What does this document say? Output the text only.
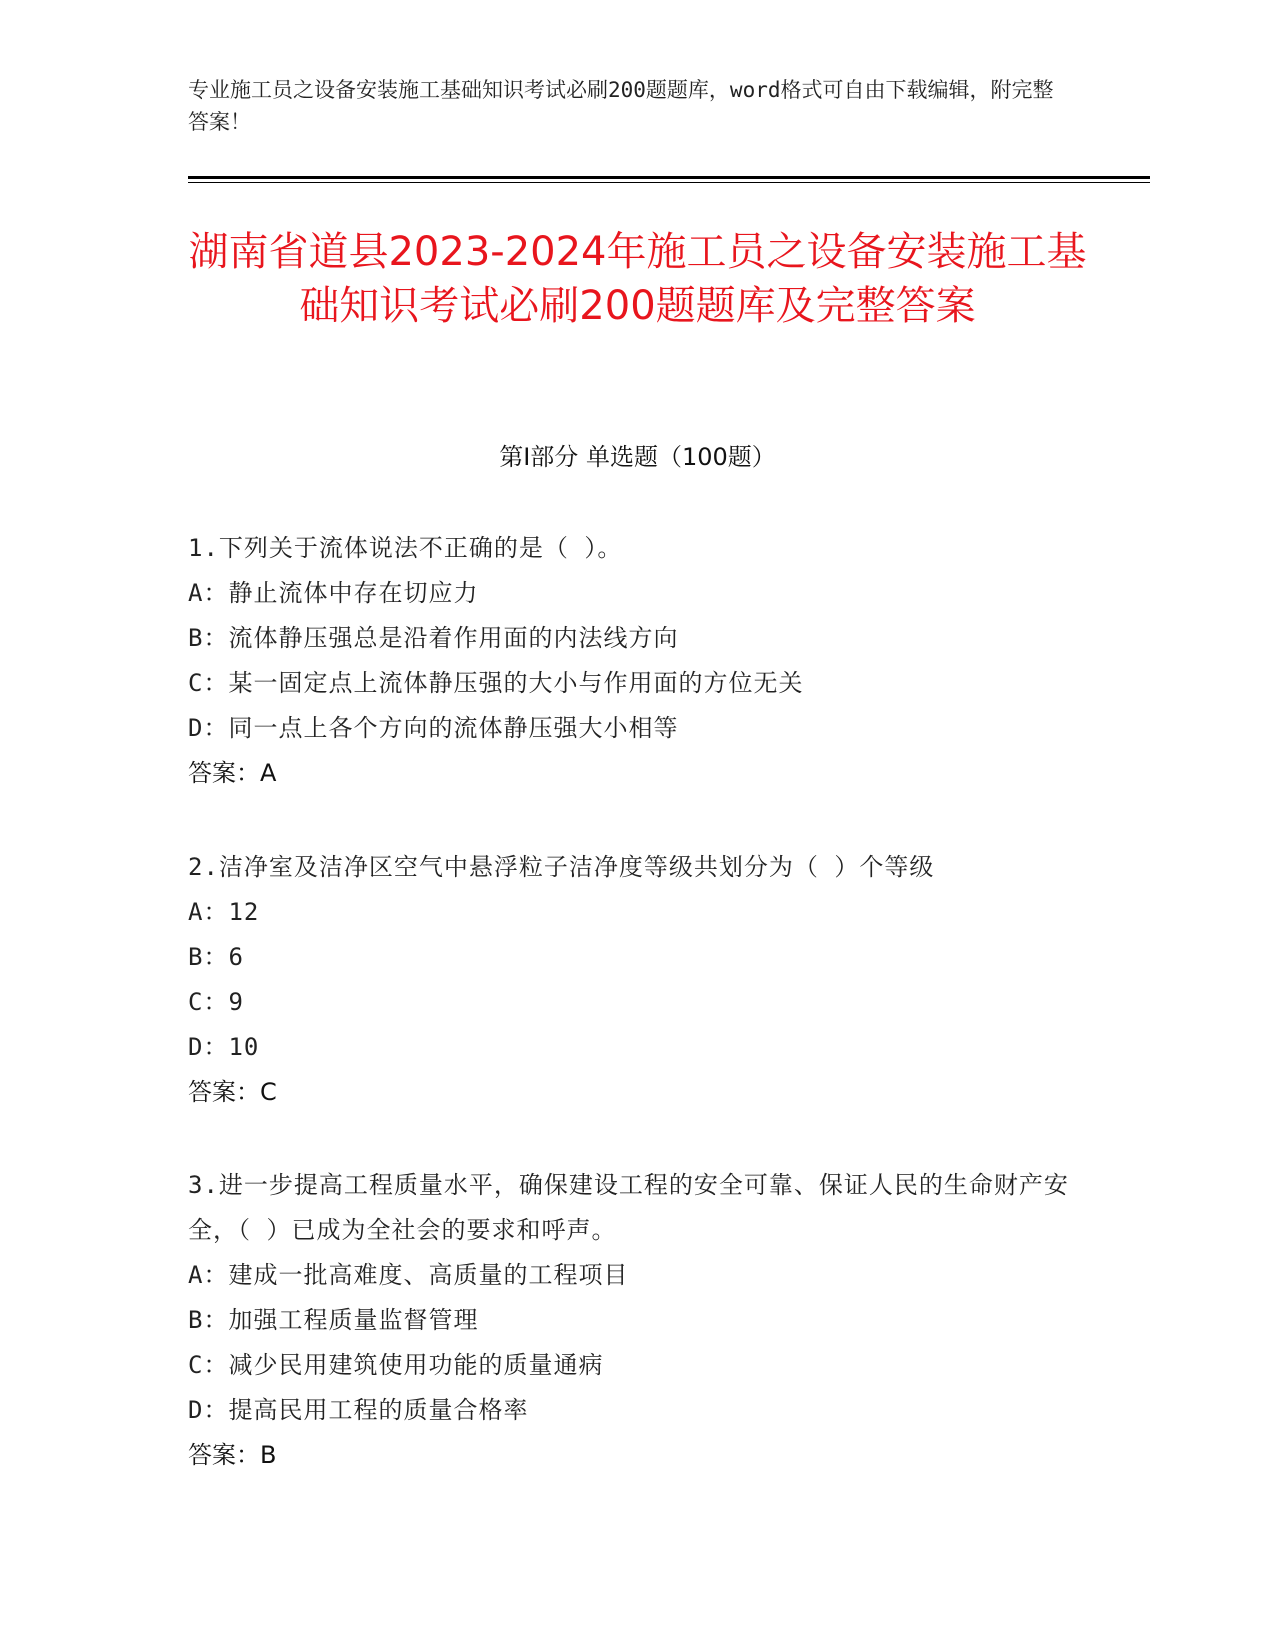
专业施工员之设备安装施工基础知识考试必刷200题题库，word格式可自由下载编辑，附完整答案！
湖南省道县2023-2024年施工员之设备安装施工基础知识考试必刷200题题库及完整答案
第Ⅰ部分 单选题（100题）
1.下列关于流体说法不正确的是（ ）。
A：静止流体中存在切应力
B：流体静压强总是沿着作用面的内法线方向
C：某一固定点上流体静压强的大小与作用面的方位无关
D：同一点上各个方向的流体静压强大小相等
答案：A
2.洁净室及洁净区空气中悬浮粒子洁净度等级共划分为（ ）个等级
A：12
B：6
C：9
D：10
答案：C
3.进一步提高工程质量水平，确保建设工程的安全可靠、保证人民的生命财产安全，（ ）已成为全社会的要求和呼声。
A：建成一批高难度、高质量的工程项目
B：加强工程质量监督管理
C：减少民用建筑使用功能的质量通病
D：提高民用工程的质量合格率
答案：B
